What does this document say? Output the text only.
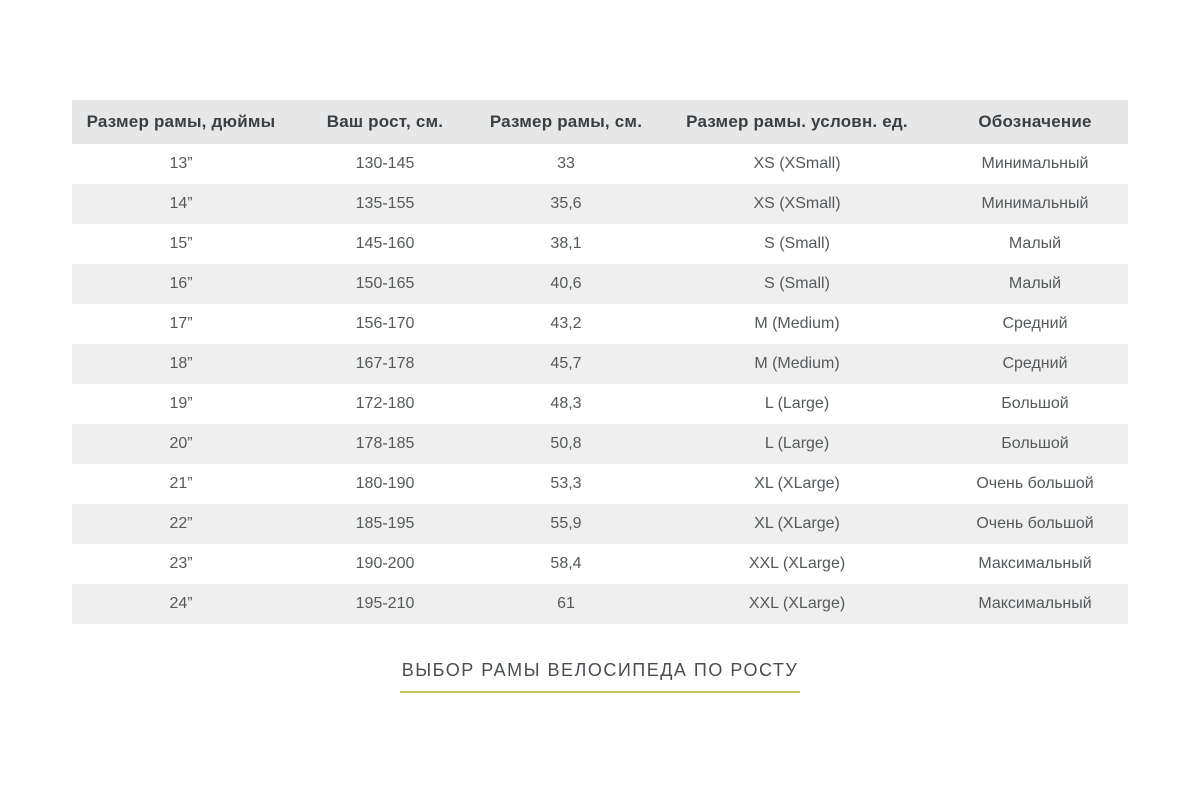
Размер рамы, дюймы	Ваш рост, см.	Размер рамы, см.	Размер рамы. условн. ед.	Обозначение
13”	130-145	33	XS (XSmall)	Минимальный
14”	135-155	35,6	XS (XSmall)	Минимальный
15”	145-160	38,1	S (Small)	Малый
16”	150-165	40,6	S (Small)	Малый
17”	156-170	43,2	M (Medium)	Средний
18”	167-178	45,7	M (Medium)	Средний
19”	172-180	48,3	L (Large)	Большой
20”	178-185	50,8	L (Large)	Большой
21”	180-190	53,3	XL (XLarge)	Очень большой
22”	185-195	55,9	XL (XLarge)	Очень большой
23”	190-200	58,4	XXL (XLarge)	Максимальный
24”	195-210	61	XXL (XLarge)	Максимальный
ВЫБОР РАМЫ ВЕЛОСИПЕДА ПО РОСТУ
